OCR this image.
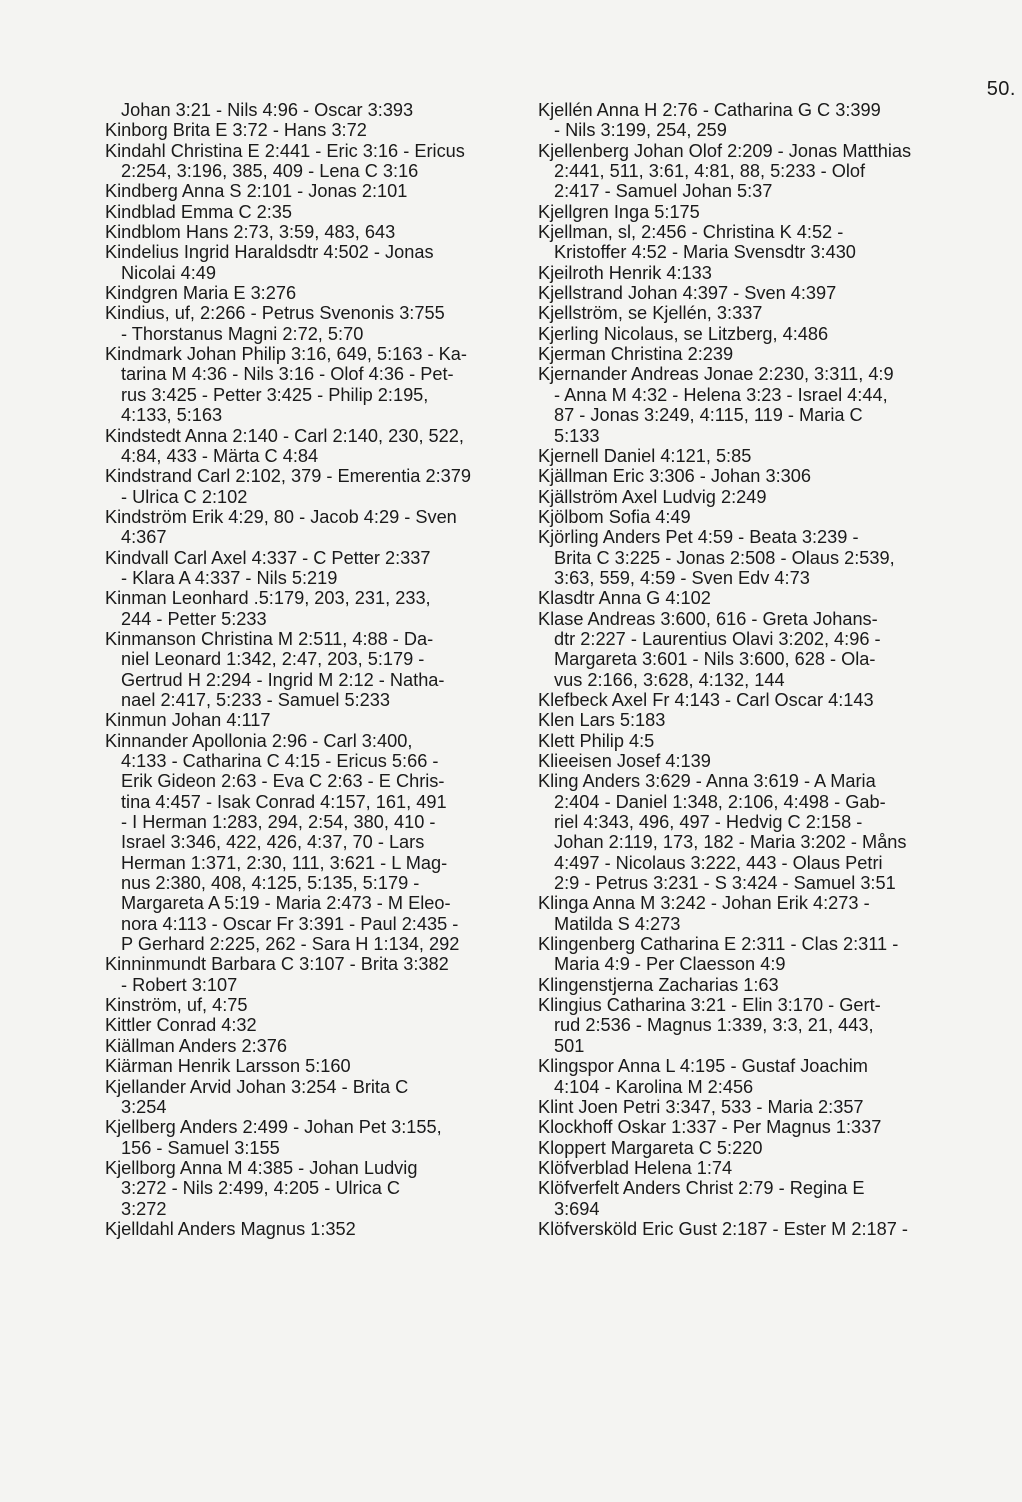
50.
Johan 3:21 - Nils 4:96 - Oscar 3:393
Kinborg Brita E 3:72 - Hans 3:72
Kindahl Christina E 2:441 - Eric 3:16 - Ericus
2:254, 3:196, 385, 409 - Lena C 3:16
Kindberg Anna S 2:101 - Jonas 2:101
Kindblad Emma C 2:35
Kindblom Hans 2:73, 3:59, 483, 643
Kindelius Ingrid Haraldsdtr 4:502 - Jonas
Nicolai 4:49
Kindgren Maria E 3:276
Kindius, uf, 2:266 - Petrus Svenonis 3:755
- Thorstanus Magni 2:72, 5:70
Kindmark Johan Philip 3:16, 649, 5:163 - Ka-
tarina M 4:36 - Nils 3:16 - Olof 4:36 - Pet-
rus 3:425 - Petter 3:425 - Philip 2:195,
4:133, 5:163
Kindstedt Anna 2:140 - Carl 2:140, 230, 522,
4:84, 433 - Märta C 4:84
Kindstrand Carl 2:102, 379 - Emerentia 2:379
- Ulrica C 2:102
Kindström Erik 4:29, 80 - Jacob 4:29 - Sven
4:367
Kindvall Carl Axel 4:337 - C Petter 2:337
- Klara A 4:337 - Nils 5:219
Kinman Leonhard .5:179, 203, 231, 233,
244 - Petter 5:233
Kinmanson Christina M 2:511, 4:88 - Da-
niel Leonard 1:342, 2:47, 203, 5:179 -
Gertrud H 2:294 - Ingrid M 2:12 - Natha-
nael 2:417, 5:233 - Samuel 5:233
Kinmun Johan 4:117
Kinnander Apollonia 2:96 - Carl 3:400,
4:133 - Catharina C 4:15 - Ericus 5:66 -
Erik Gideon 2:63 - Eva C 2:63 - E Chris-
tina 4:457 - Isak Conrad 4:157, 161, 491
- I Herman 1:283, 294, 2:54, 380, 410 -
Israel 3:346, 422, 426, 4:37, 70 - Lars
Herman 1:371, 2:30, 111, 3:621 - L Mag-
nus 2:380, 408, 4:125, 5:135, 5:179 -
Margareta A 5:19 - Maria 2:473 - M Eleo-
nora 4:113 - Oscar Fr 3:391 - Paul 2:435 -
P Gerhard 2:225, 262 - Sara H 1:134, 292
Kinninmundt Barbara C 3:107 - Brita 3:382
- Robert 3:107
Kinström, uf, 4:75
Kittler Conrad 4:32
Kiällman Anders 2:376
Kiärman Henrik Larsson 5:160
Kjellander Arvid Johan 3:254 - Brita C
3:254
Kjellberg Anders 2:499 - Johan Pet 3:155,
156 - Samuel 3:155
Kjellborg Anna M 4:385 - Johan Ludvig
3:272 - Nils 2:499, 4:205 - Ulrica C
3:272
Kjelldahl Anders Magnus 1:352
Kjellén Anna H 2:76 - Catharina G C 3:399
- Nils 3:199, 254, 259
Kjellenberg Johan Olof 2:209 - Jonas Matthias
2:441, 511, 3:61, 4:81, 88, 5:233 - Olof
2:417 - Samuel Johan 5:37
Kjellgren Inga 5:175
Kjellman, sl, 2:456 - Christina K 4:52 -
Kristoffer 4:52 - Maria Svensdtr 3:430
Kjeilroth Henrik 4:133
Kjellstrand Johan 4:397 - Sven 4:397
Kjellström, se Kjellén, 3:337
Kjerling Nicolaus, se Litzberg, 4:486
Kjerman Christina 2:239
Kjernander Andreas Jonae 2:230, 3:311, 4:9
- Anna M 4:32 - Helena 3:23 - Israel 4:44,
87 - Jonas 3:249, 4:115, 119 - Maria C
5:133
Kjernell Daniel 4:121, 5:85
Kjällman Eric 3:306 - Johan 3:306
Kjällström Axel Ludvig 2:249
Kjölbom Sofia 4:49
Kjörling Anders Pet 4:59 - Beata 3:239 -
Brita C 3:225 - Jonas 2:508 - Olaus 2:539,
3:63, 559, 4:59 - Sven Edv 4:73
Klasdtr Anna G 4:102
Klase Andreas 3:600, 616 - Greta Johans-
dtr 2:227 - Laurentius Olavi 3:202, 4:96 -
Margareta 3:601 - Nils 3:600, 628 - Ola-
vus 2:166, 3:628, 4:132, 144
Klefbeck Axel Fr 4:143 - Carl Oscar 4:143
Klen Lars 5:183
Klett Philip 4:5
Klieeisen Josef 4:139
Kling Anders 3:629 - Anna 3:619 - A Maria
2:404 - Daniel 1:348, 2:106, 4:498 - Gab-
riel 4:343, 496, 497 - Hedvig C 2:158 -
Johan 2:119, 173, 182 - Maria 3:202 - Måns
4:497 - Nicolaus 3:222, 443 - Olaus Petri
2:9 - Petrus 3:231 - S 3:424 - Samuel 3:51
Klinga Anna M 3:242 - Johan Erik 4:273 -
Matilda S 4:273
Klingenberg Catharina E 2:311 - Clas 2:311 -
Maria 4:9 - Per Claesson 4:9
Klingenstjerna Zacharias 1:63
Klingius Catharina 3:21 - Elin 3:170 - Gert-
rud 2:536 - Magnus 1:339, 3:3, 21, 443,
501
Klingspor Anna L 4:195 - Gustaf Joachim
4:104 - Karolina M 2:456
Klint Joen Petri 3:347, 533 - Maria 2:357
Klockhoff Oskar 1:337 - Per Magnus 1:337
Kloppert Margareta C 5:220
Klöfverblad Helena 1:74
Klöfverfelt Anders Christ 2:79 - Regina E
3:694
Klöfversköld Eric Gust 2:187 - Ester M 2:187 -
